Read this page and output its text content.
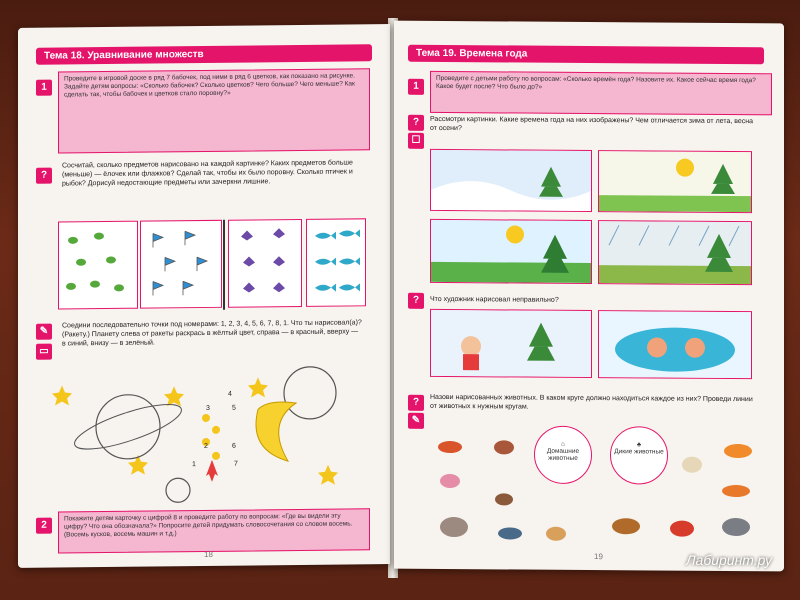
Тема 18. Уравнивание множеств
1
Проведите в игровой доске в ряд 7 бабочек, под ними в ряд 6 цветков, как показано на рисунке. Задайте детям вопросы: «Сколько бабочек? Сколько цветков? Чего больше? Чего меньше? Как сделать так, чтобы бабочек и цветков стало поровну?»
?
Сосчитай, сколько предметов нарисовано на каждой картинке? Каких предметов больше (меньше) — ёлочек или флажков? Сделай так, чтобы их было поровну. Сколько птичек и рыбок? Дорисуй недостающие предметы или зачеркни лишние.
✎
▭
Соедини последовательно точки под номерами: 1, 2, 3, 4, 5, 6, 7, 8, 1. Что ты нарисовал(а)? (Ракету.) Планету слева от ракеты раскрась в жёлтый цвет, справа — в красный, вверху — в синий, внизу — в зелёный.
4
3	5
2	6
1	7
2
Покажите детям карточку с цифрой 8 и проведите работу по вопросам: «Где вы видели эту цифру? Что она обозначала?» Попросите детей придумать словосочетания со словом восемь. (Восемь кусков, восемь машин и т.д.)
18
Тема 19. Времена года
1
Проведите с детьми работу по вопросам: «Сколько времён года? Назовите их. Какое сейчас время года? Какое будет после? Что было до?»
?
☐
Рассмотри картинки. Какие времена года на них изображены? Чем отличается зима от лета, весна от осени?
?	Что художник нарисовал неправильно?
?
✎
Назови нарисованных животных. В каком круге должно находиться каждое из них? Проведи линии от животных к нужным кругам.
⌂
Домашние животные
♣
Дикие животные
19	Лабиринт.ру
